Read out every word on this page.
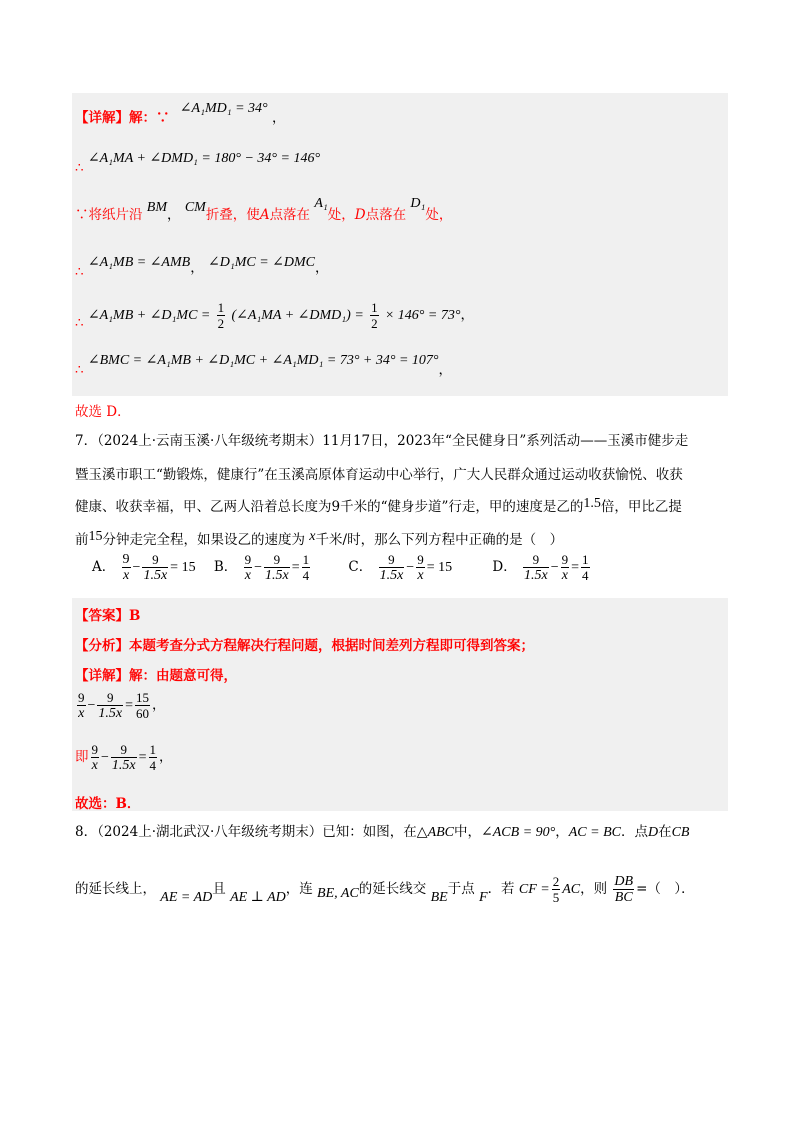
【详解】解：∵ ∠A₁MD₁ = 34° ，
∴ ∠A₁MA + ∠DMD₁ = 180° − 34° = 146°
∵将纸片沿 BM， CM折叠，使A点落在 A₁处，D点落在 D₁处，
∴ ∠A₁MB = ∠AMB， ∠D₁MC = ∠DMC，
∴ ∠A₁MB + ∠D₁MC = $\frac{1}{2}$ (∠A₁MA + ∠DMD₁) = $\frac{1}{2} \times 146^\circ = 73^\circ$，
∴ ∠BMC = ∠A₁MB + ∠D₁MC + ∠A₁MD₁ = 73° + 34° = 107°，
故选 D．
7．（2024上·云南玉溪·八年级统考期末）11月17日，2023年“全民健身日”系列活动——玉溪市健步走
暨玉溪市职工“勤锻炼，健康行”在玉溪高原体育运动中心举行，广大人民群众通过运动收获愉悦、收获
健康、收获幸福，甲、乙两人沿着总长度为9千米的“健身步道”行走，甲的速度是乙的1.5倍，甲比乙提
前15分钟走完全程，如果设乙的速度为 x千米/时，那么下列方程中正确的是（　）
A． $\frac{9}{x} - \frac{9}{1.5x} = 15$ B． $\frac{9}{x} - \frac{9}{1.5x} = \frac{1}{4}$	C． $\frac{9}{1.5x} - \frac{9}{x} = 15$	D． $\frac{9}{1.5x} - \frac{9}{x} = \frac{1}{4}$
【答案】B
【分析】本题考查分式方程解决行程问题，根据时间差列方程即可得到答案；
【详解】解：由题意可得，
$\frac{9}{x} - \frac{9}{1.5x} = \frac{15}{60}$ ，
即 $\frac{9}{x} - \frac{9}{1.5x} = \frac{1}{4}$ ，
故选：B．
8．（2024上·湖北武汉·八年级统考期末）已知：如图，在△ABC中，∠ACB = 90°，AC = BC．点D在CB
的延长线上， AE = AD且 AE ⊥ AD，连 BE, AC的延长线交 BE于点 F．若 CF = $\frac{2}{5}$ AC，则 $\frac{DB}{BC}$ =（　）．
